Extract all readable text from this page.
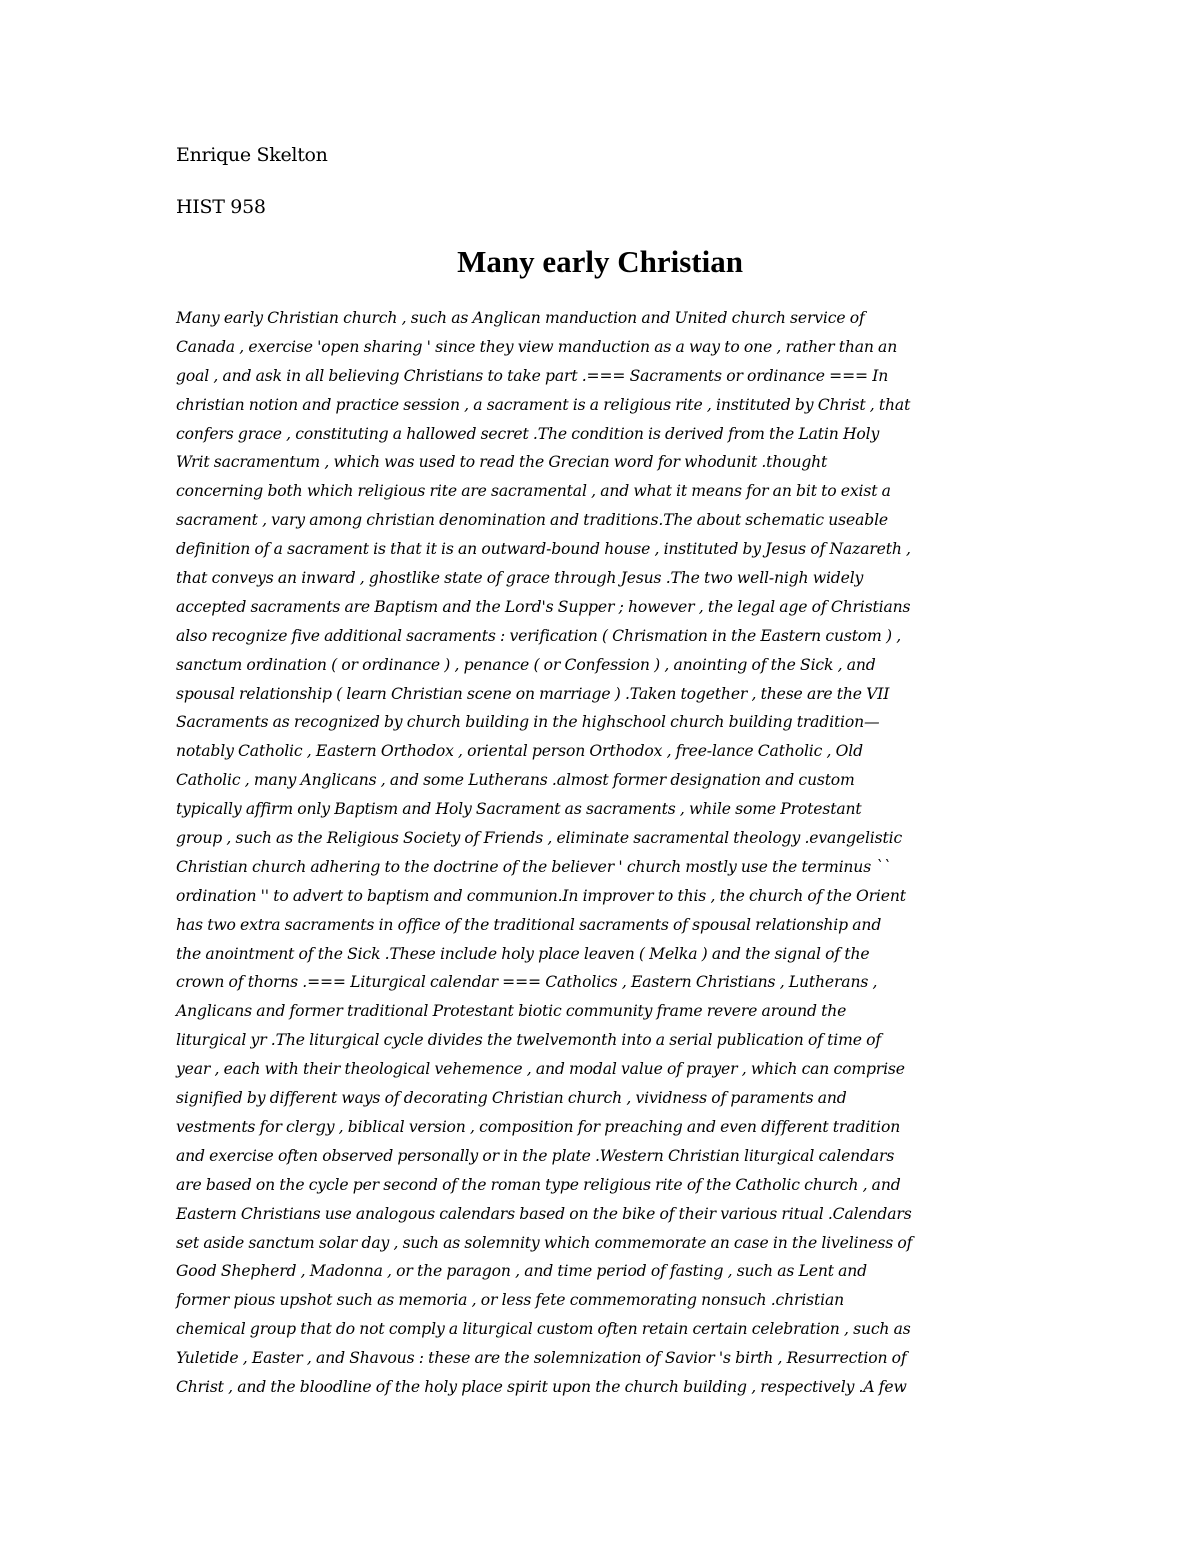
Enrique Skelton

HIST 958

Many early Christian

Many early Christian church , such as Anglican manduction and United church service of

Canada , exercise 'open sharing ' since they view manduction as a way to one , rather than an

goal , and ask in all believing Christians to take part .=== Sacraments or ordinance === In

christian notion and practice session , a sacrament is a religious rite , instituted by Christ , that

confers grace , constituting a hallowed secret .The condition is derived from the Latin Holy

Writ sacramentum , which was used to read the Grecian word for whodunit .thought

concerning both which religious rite are sacramental , and what it means for an bit to exist a

sacrament , vary among christian denomination and traditions.The about schematic useable

definition of a sacrament is that it is an outward-bound house , instituted by Jesus of Nazareth ,

that conveys an inward , ghostlike state of grace through Jesus .The two well-nigh widely

accepted sacraments are Baptism and the Lord's Supper ; however , the legal age of Christians

also recognize five additional sacraments : verification ( Chrismation in the Eastern custom ) ,

sanctum ordination ( or ordinance ) , penance ( or Confession ) , anointing of the Sick , and

spousal relationship ( learn Christian scene on marriage ) .Taken together , these are the VII

Sacraments as recognized by church building in the highschool church building tradition—

notably Catholic , Eastern Orthodox , oriental person Orthodox , free-lance Catholic , Old

Catholic , many Anglicans , and some Lutherans .almost former designation and custom

typically affirm only Baptism and Holy Sacrament as sacraments , while some Protestant

group , such as the Religious Society of Friends , eliminate sacramental theology .evangelistic

Christian church adhering to the doctrine of the believer ' church mostly use the terminus ``

ordination '' to advert to baptism and communion.In improver to this , the church of the Orient

has two extra sacraments in office of the traditional sacraments of spousal relationship and

the anointment of the Sick .These include holy place leaven ( Melka ) and the signal of the

crown of thorns .=== Liturgical calendar === Catholics , Eastern Christians , Lutherans ,

Anglicans and former traditional Protestant biotic community frame revere around the

liturgical yr .The liturgical cycle divides the twelvemonth into a serial publication of time of

year , each with their theological vehemence , and modal value of prayer , which can comprise

signified by different ways of decorating Christian church , vividness of paraments and

vestments for clergy , biblical version , composition for preaching and even different tradition

and exercise often observed personally or in the plate .Western Christian liturgical calendars

are based on the cycle per second of the roman type religious rite of the Catholic church , and

Eastern Christians use analogous calendars based on the bike of their various ritual .Calendars

set aside sanctum solar day , such as solemnity which commemorate an case in the liveliness of

Good Shepherd , Madonna , or the paragon , and time period of fasting , such as Lent and

former pious upshot such as memoria , or less fete commemorating nonsuch .christian

chemical group that do not comply a liturgical custom often retain certain celebration , such as

Yuletide , Easter , and Shavous : these are the solemnization of Savior 's birth , Resurrection of

Christ , and the bloodline of the holy place spirit upon the church building , respectively .A few
